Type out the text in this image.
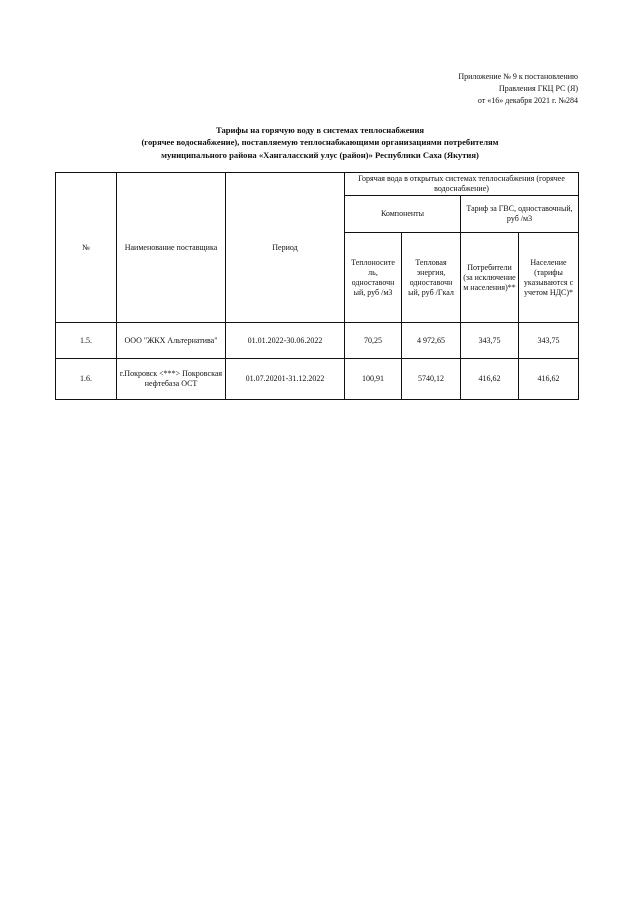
Приложение № 9 к постановлению
Правления ГКЦ РС (Я)
от «16» декабря 2021 г. №284
Тарифы на горячую воду в системах теплоснабжения
(горячее водоснабжение), поставляемую теплоснабжающими организациями потребителям
муниципального района «Хангаласский улус (район)» Республики Саха (Якутия)
№	Наименование поставщика	Период	Горячая вода в открытых системах теплоснабжения (горячее водоснабжение)			
			Компоненты		Тариф за ГВС, одноставочный, руб /м3	
			Теплоносите ль, одноставочн ый, руб /м3	Тепловая энергия, одноставочн ый, руб /Гкал	Потребители (за исключение м населения)**	Население (тарифы указываются с учетом НДС)*
1.5.	ООО "ЖКХ Альтернатива"	01.01.2022-30.06.2022	70,25	4 972,65	343,75	343,75
1.6.	г.Покровск <***> Покровская нефтебаза ОСТ	01.07.20201-31.12.2022	100,91	5740,12	416,62	416,62
